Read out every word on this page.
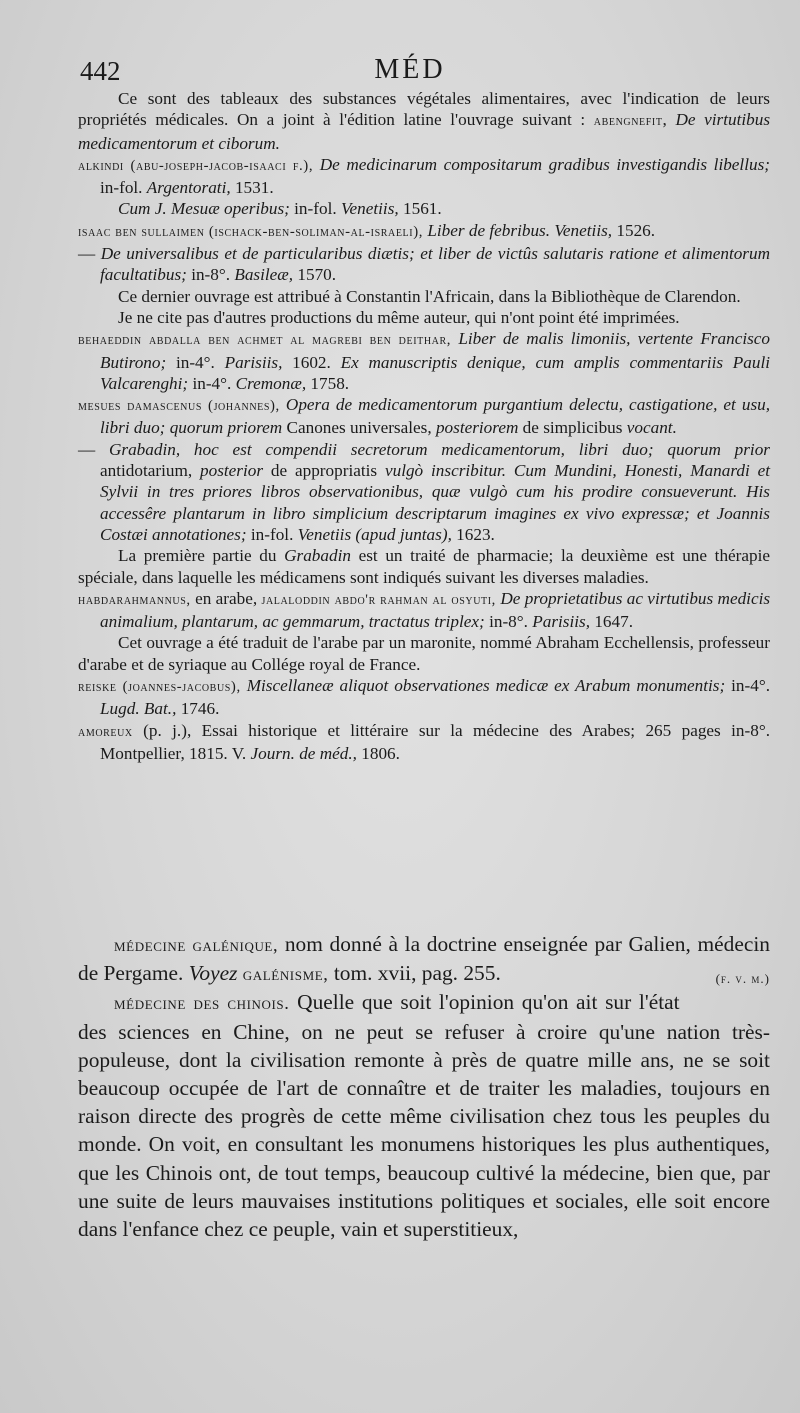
442	MÉD

Ce sont des tableaux des substances végétales alimentaires, avec l'indication de leurs propriétés médicales. On a joint à l'édition latine l'ouvrage suivant : abengnefit, De virtutibus medicamentorum et ciborum.

alkindi (abu-joseph-jacob-isaaci f.), De medicinarum compositarum gradibus investigandis libellus; in-fol. Argentorati, 1531.

Cum J. Mesuæ operibus; in-fol. Venetiis, 1561.

isaac ben sullaimen (ischack-ben-soliman-al-israeli), Liber de febribus. Venetiis, 1526.

— De universalibus et de particularibus diætis; et liber de victûs salutaris ratione et alimentorum facultatibus; in-8°. Basileæ, 1570.

Ce dernier ouvrage est attribué à Constantin l'Africain, dans la Bibliothèque de Clarendon.

Je ne cite pas d'autres productions du même auteur, qui n'ont point été imprimées.

behaeddin abdalla ben achmet al magrebi ben deithar, Liber de malis limoniis, vertente Francisco Butirono; in-4°. Parisiis, 1602. Ex manuscriptis denique, cum amplis commentariis Pauli Valcarenghi; in-4°. Cremonæ, 1758.

mesues damascenus (johannes), Opera de medicamentorum purgantium delectu, castigatione, et usu, libri duo; quorum priorem Canones universales, posteriorem de simplicibus vocant.

— Grabadin, hoc est compendii secretorum medicamentorum, libri duo; quorum prior antidotarium, posterior de appropriatis vulgò inscribitur. Cum Mundini, Honesti, Manardi et Sylvii in tres priores libros observationibus, quæ vulgò cum his prodire consueverunt. His accessêre plantarum in libro simplicium descriptarum imagines ex vivo expressæ; et Joannis Costæi annotationes; in-fol. Venetiis (apud juntas), 1623.

La première partie du Grabadin est un traité de pharmacie; la deuxième est une thérapie spéciale, dans laquelle les médicamens sont indiqués suivant les diverses maladies.

habdarahmannus, en arabe, jalaloddin abdo'r rahman al osyuti, De proprietatibus ac virtutibus medicis animalium, plantarum, ac gemmarum, tractatus triplex; in-8°. Parisiis, 1647.

Cet ouvrage a été traduit de l'arabe par un maronite, nommé Abraham Ecchellensis, professeur d'arabe et de syriaque au Collége royal de France.

reiske (joannes-jacobus), Miscellaneæ aliquot observationes medicæ ex Arabum monumentis; in-4°. Lugd. Bat., 1746.

amoreux (p. j.), Essai historique et littéraire sur la médecine des Arabes; 265 pages in-8°. Montpellier, 1815. V. Journ. de méd., 1806.

médecine galénique, nom donné à la doctrine enseignée par Galien, médecin de Pergame. Voyez galénisme, tom. xvii, pag. 255.	(f. v. m.)

médecine des chinois. Quelle que soit l'opinion qu'on ait sur l'état des sciences en Chine, on ne peut se refuser à croire qu'une nation très-populeuse, dont la civilisation remonte à près de quatre mille ans, ne se soit beaucoup occupée de l'art de connaître et de traiter les maladies, toujours en raison directe des progrès de cette même civilisation chez tous les peuples du monde. On voit, en consultant les monumens historiques les plus authentiques, que les Chinois ont, de tout temps, beaucoup cultivé la médecine, bien que, par une suite de leurs mauvaises institutions politiques et sociales, elle soit encore dans l'enfance chez ce peuple, vain et superstitieux,
